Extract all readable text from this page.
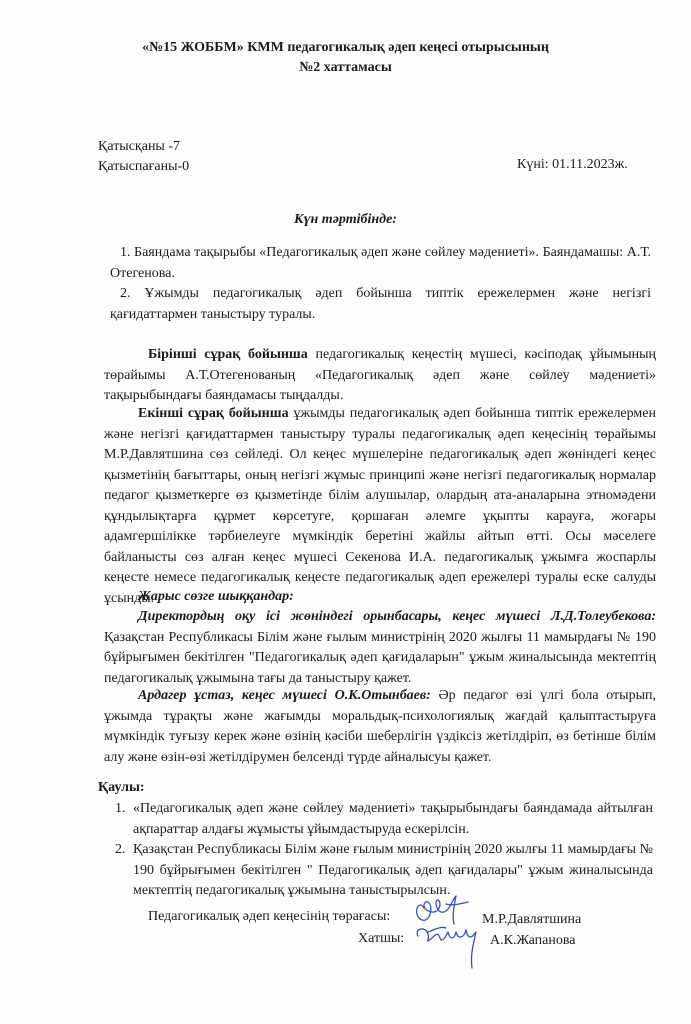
«№15 ЖОББМ» КММ педагогикалық әдеп кеңесі отырысының
№2 хаттамасы
Қатысқаны -7
Қатыспағаны-0	Күні: 01.11.2023ж.
Күн тәртібінде:
1. Баяндама тақырыбы «Педагогикалық әдеп және сөйлеу мәдениеті». Баяндамашы: А.Т. Отегенова.
2. Ұжымды педагогикалық әдеп бойынша типтік ережелермен және негізгі қағидаттармен таныстыру туралы.
Бірінші сұрақ бойынша педагогикалық кеңестің мүшесі, кәсіподақ ұйымының төрайымы А.Т.Отегенованың «Педагогикалық әдеп және сөйлеу мәдениеті» тақырыбындағы баяндамасы тыңдалды.
Екінші сұрақ бойынша ұжымды педагогикалық әдеп бойынша типтік ережелермен және негізгі қағидаттармен таныстыру туралы педагогикалық әдеп кеңесінің төрайымы М.Р.Давлятшина сөз сөйледі. Ол кеңес мүшелеріне педагогикалық әдеп жөніндегі кеңес қызметінің бағыттары, оның негізгі жұмыс принципі және негізгі педагогикалық нормалар педагог қызметкерге өз қызметінде білім алушылар, олардың ата-аналарына этномәдени құндылықтарға құрмет көрсетуге, қоршаған әлемге ұқыпты карауға, жоғары адамгершілікке тәрбиелеуге мүмкіндік беретіні жайлы айтып өтті. Осы мәселеге байланысты сөз алған кеңес мүшесі Секенова И.А. педагогикалық ұжымға жоспарлы кеңесте немесе педагогикалық кеңесте педагогикалық әдеп ережелері туралы еске салуды ұсынды.
Жарыс сөзге шыққандар:
Директордың оқу ісі жөніндегі орынбасары, кеңес мүшесі Л.Д.Толеубекова: Қазақстан Республикасы Білім және ғылым министрінің 2020 жылғы 11 мамырдағы № 190 бұйрығымен бекітілген "Педагогикалық әдеп қағидаларын" ұжым жиналысында мектептің педагогикалық ұжымына тағы да таныстыру қажет.
Ардагер ұстаз, кеңес мүшесі О.К.Отынбаев: Әр педагог өзі үлгі бола отырып, ұжымда тұрақты және жағымды моральдық-психологиялық жағдай қалыптастыруға мүмкіндік туғызу керек және өзінің кәсіби шеберлігін үздіксіз жетілдіріп, өз бетінше білім алу және өзін-өзі жетілдірумен белсенді түрде айналысуы қажет.
Қаулы:
1. «Педагогикалық әдеп және сөйлеу мәдениеті» тақырыбындағы баяндамада айтылған ақпараттар алдағы жұмысты ұйымдастыруда ескерілсін.
2. Қазақстан Республикасы Білім және ғылым министрінің 2020 жылғы 11 мамырдағы № 190 бұйрығымен бекітілген " Педагогикалық әдеп қағидалары" ұжым жиналысында мектептің педагогикалық ұжымына таныстырылсын.
Педагогикалық әдеп кеңесінің төрағасы:
Хатшы:
М.Р.Давлятшина
А.К.Жапанова
